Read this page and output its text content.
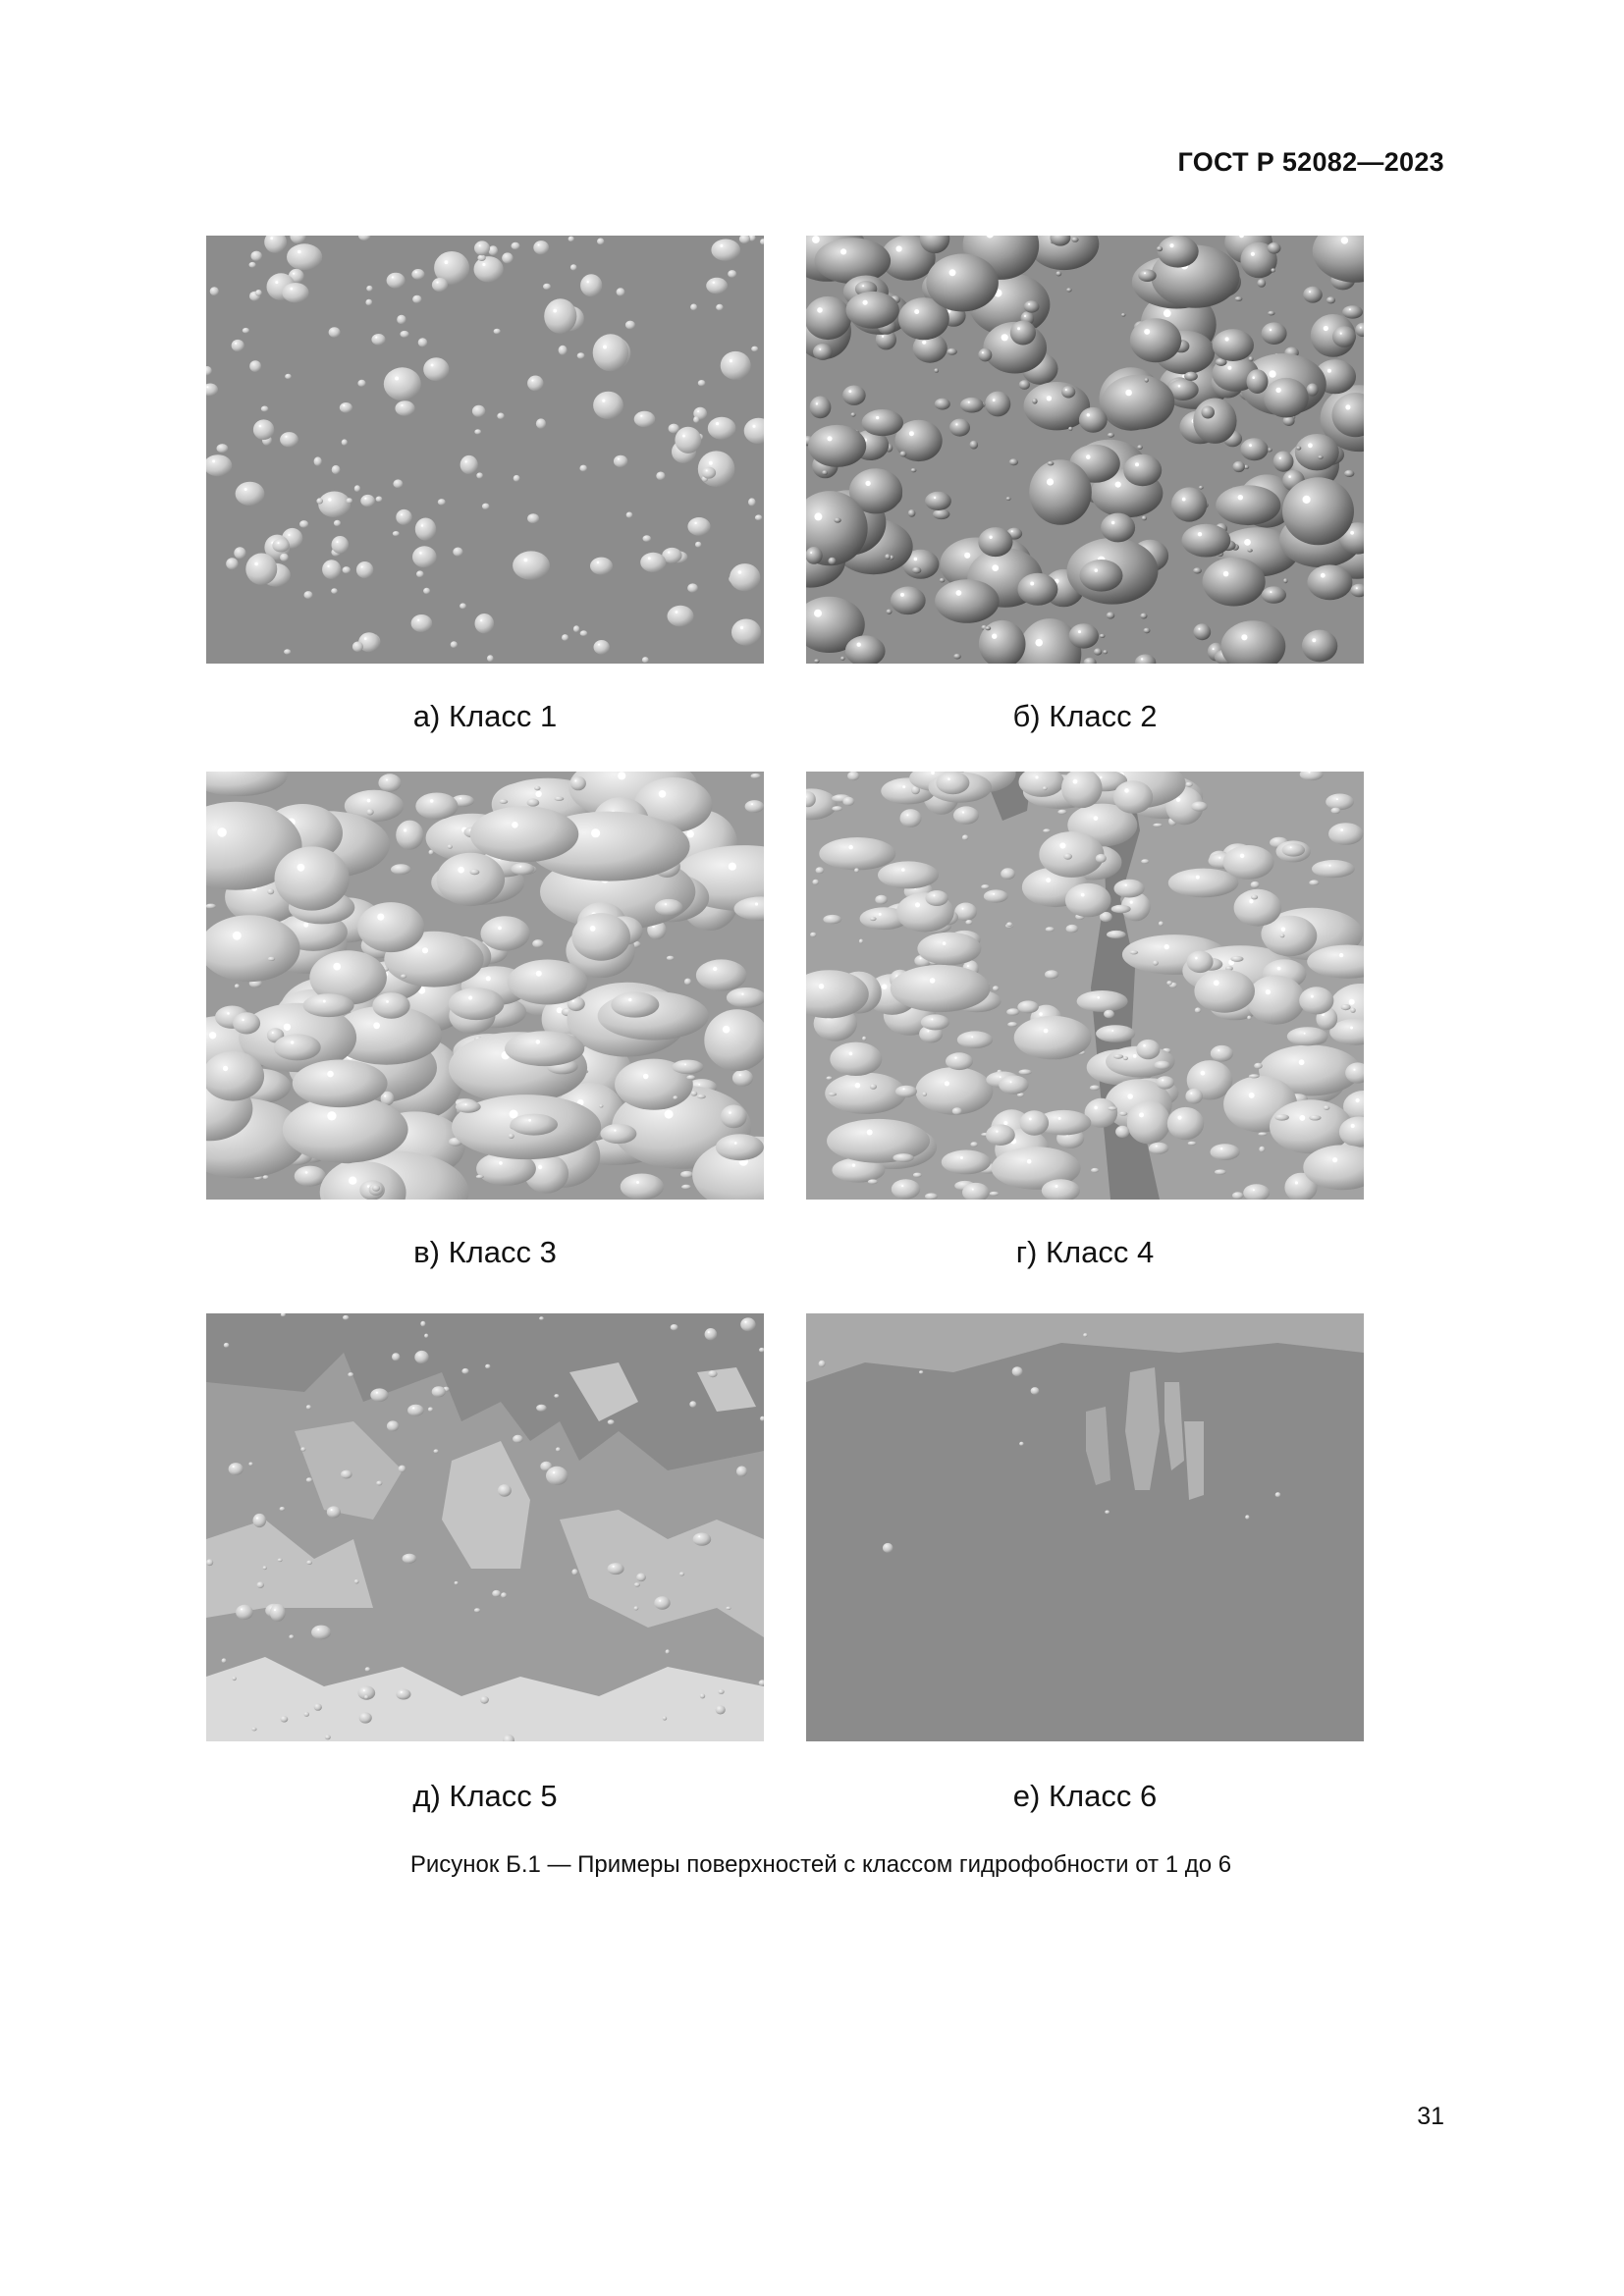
ГОСТ Р 52082—2023
а) Класс 1	б) Класс 2
в) Класс 3	г) Класс 4
д) Класс 5	е) Класс 6
Рисунок Б.1 — Примеры поверхностей с классом гидрофобности от 1 до 6
31
